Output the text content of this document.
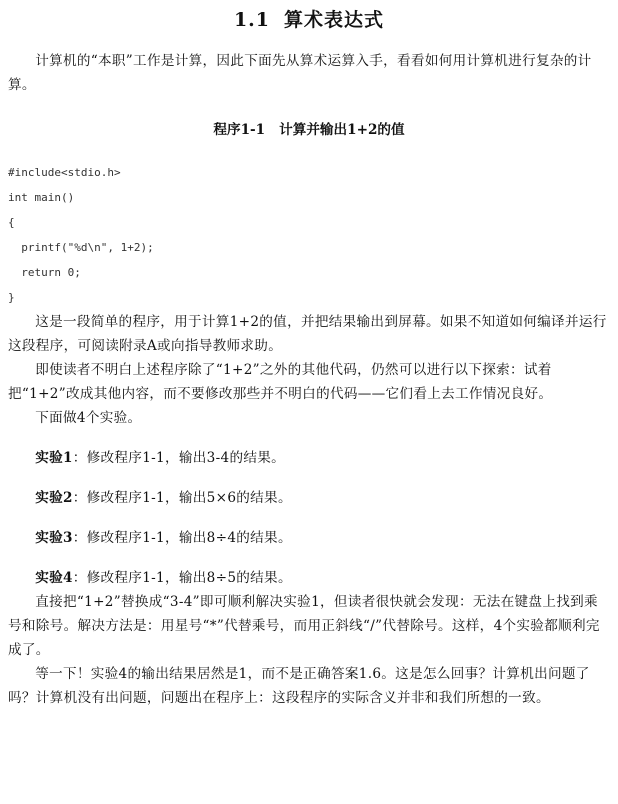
1.1 算术表达式

计算机的“本职”工作是计算，因此下面先从算术运算入手，看看如何用计算机进行复杂的计算。

程序1-1 计算并输出1+2的值
#include<stdio.h>
int main()
{
printf("%d\n", 1+2);
return 0;
}

这是一段简单的程序，用于计算1+2的值，并把结果输出到屏幕。如果不知道如何编译并运行这段程序，可阅读附录A或向指导教师求助。

即使读者不明白上述程序除了“1+2”之外的其他代码，仍然可以进行以下探索：试着把“1+2”改成其他内容，而不要修改那些并不明白的代码——它们看上去工作情况良好。

下面做4个实验。

实验1：修改程序1-1，输出3-4的结果。

实验2：修改程序1-1，输出5×6的结果。

实验3：修改程序1-1，输出8÷4的结果。

实验4：修改程序1-1，输出8÷5的结果。

直接把“1+2”替换成“3-4”即可顺利解决实验1，但读者很快就会发现：无法在键盘上找到乘号和除号。解决方法是：用星号“*”代替乘号，而用正斜线“/”代替除号。这样，4个实验都顺利完成了。

等一下！实验4的输出结果居然是1，而不是正确答案1.6。这是怎么回事？计算机出问题了吗？计算机没有出问题，问题出在程序上：这段程序的实际含义并非和我们所想的一致。
